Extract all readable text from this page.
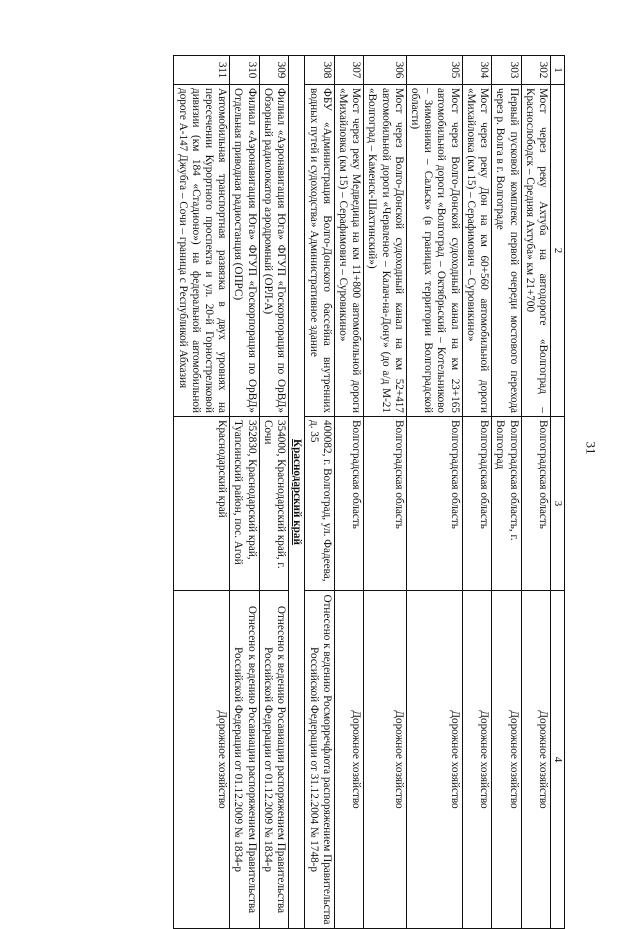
31
1	2	3	4
302	Мост через реку Ахтуба на автодороге «Волгоград – Краснослободск – Средняя Ахтуба» км 21+700	Волгоградская область	Дорожное хозяйство
303	Первый пусковой комплекс первой очереди мостового перехода через р. Волга в г. Волгограде	Волгоградская область, г. Волгоград	Дорожное хозяйство
304	Мост через реку Дон на км 60+560 автомобильной дороги «Михайловка (км 15) – Серафимович – Суровикино»	Волгоградская область	Дорожное хозяйство
305	Мост через Волго-Донской судоходный канал на км 23+165 автомобильной дороги «Волгоград – Октябрьский – Котельниково – Зимовники – Сальск» (в границах территории Волгоградской области)	Волгоградская область	Дорожное хозяйство
306	Мост через Волго-Донской судоходный канал на км 52+417 автомобильной дороги «Червленое – Калач-на-Дону» (до а/д М-21 «Волгоград – Каменск-Шахтинский»)	Волгоградская область	Дорожное хозяйство
307	Мост через реку Медведица на км 11+800 автомобильной дороги «Михайловка (км 15) – Серафимович – Суровикино»	Волгоградская область	Дорожное хозяйство
308	ФБУ «Администрация Волго-Донского бассейна внутренних водных путей и судоходства» Административное здание	400082, г. Волгоград, ул. Фадеева, д. 35	Отнесено к ведению Росморречфлота распоряжением Правительства Российской Федерации от 31.12.2004 № 1748-р
Краснодарский край			
309	Филиал «Аэронавигация Юга» ФГУП «Госкорпорация по ОрВД» Обзорный радиолокатор аэродромный (ОРЛ-А)	354000, Краснодарский край, г. Сочи	Отнесено к ведению Росавиации распоряжением Правительства Российской Федерации от 01.12.2009 № 1834-р
310	Филиал «Аэронавигация Юга» ФГУП «Госкорпорация по ОрВД» Отдельная приводная радиостанция (ОПРС)	352830, Краснодарский край, Туапсинский район, пос. Агой	Отнесено к ведению Росавиации распоряжением Правительства Российской Федерации от 01.12.2009 № 1834-р
311	Автомобильная транспортная развязка в двух уровнях на пересечении Курортного проспекта и ул. 20-й Горнострелковой дивизии (км 184 «Стадионо») на федеральной автомобильной дороге А-147 Джубга – Сочи – граница с Республикой Абхазия	Краснодарский край	Дорожное хозяйство
